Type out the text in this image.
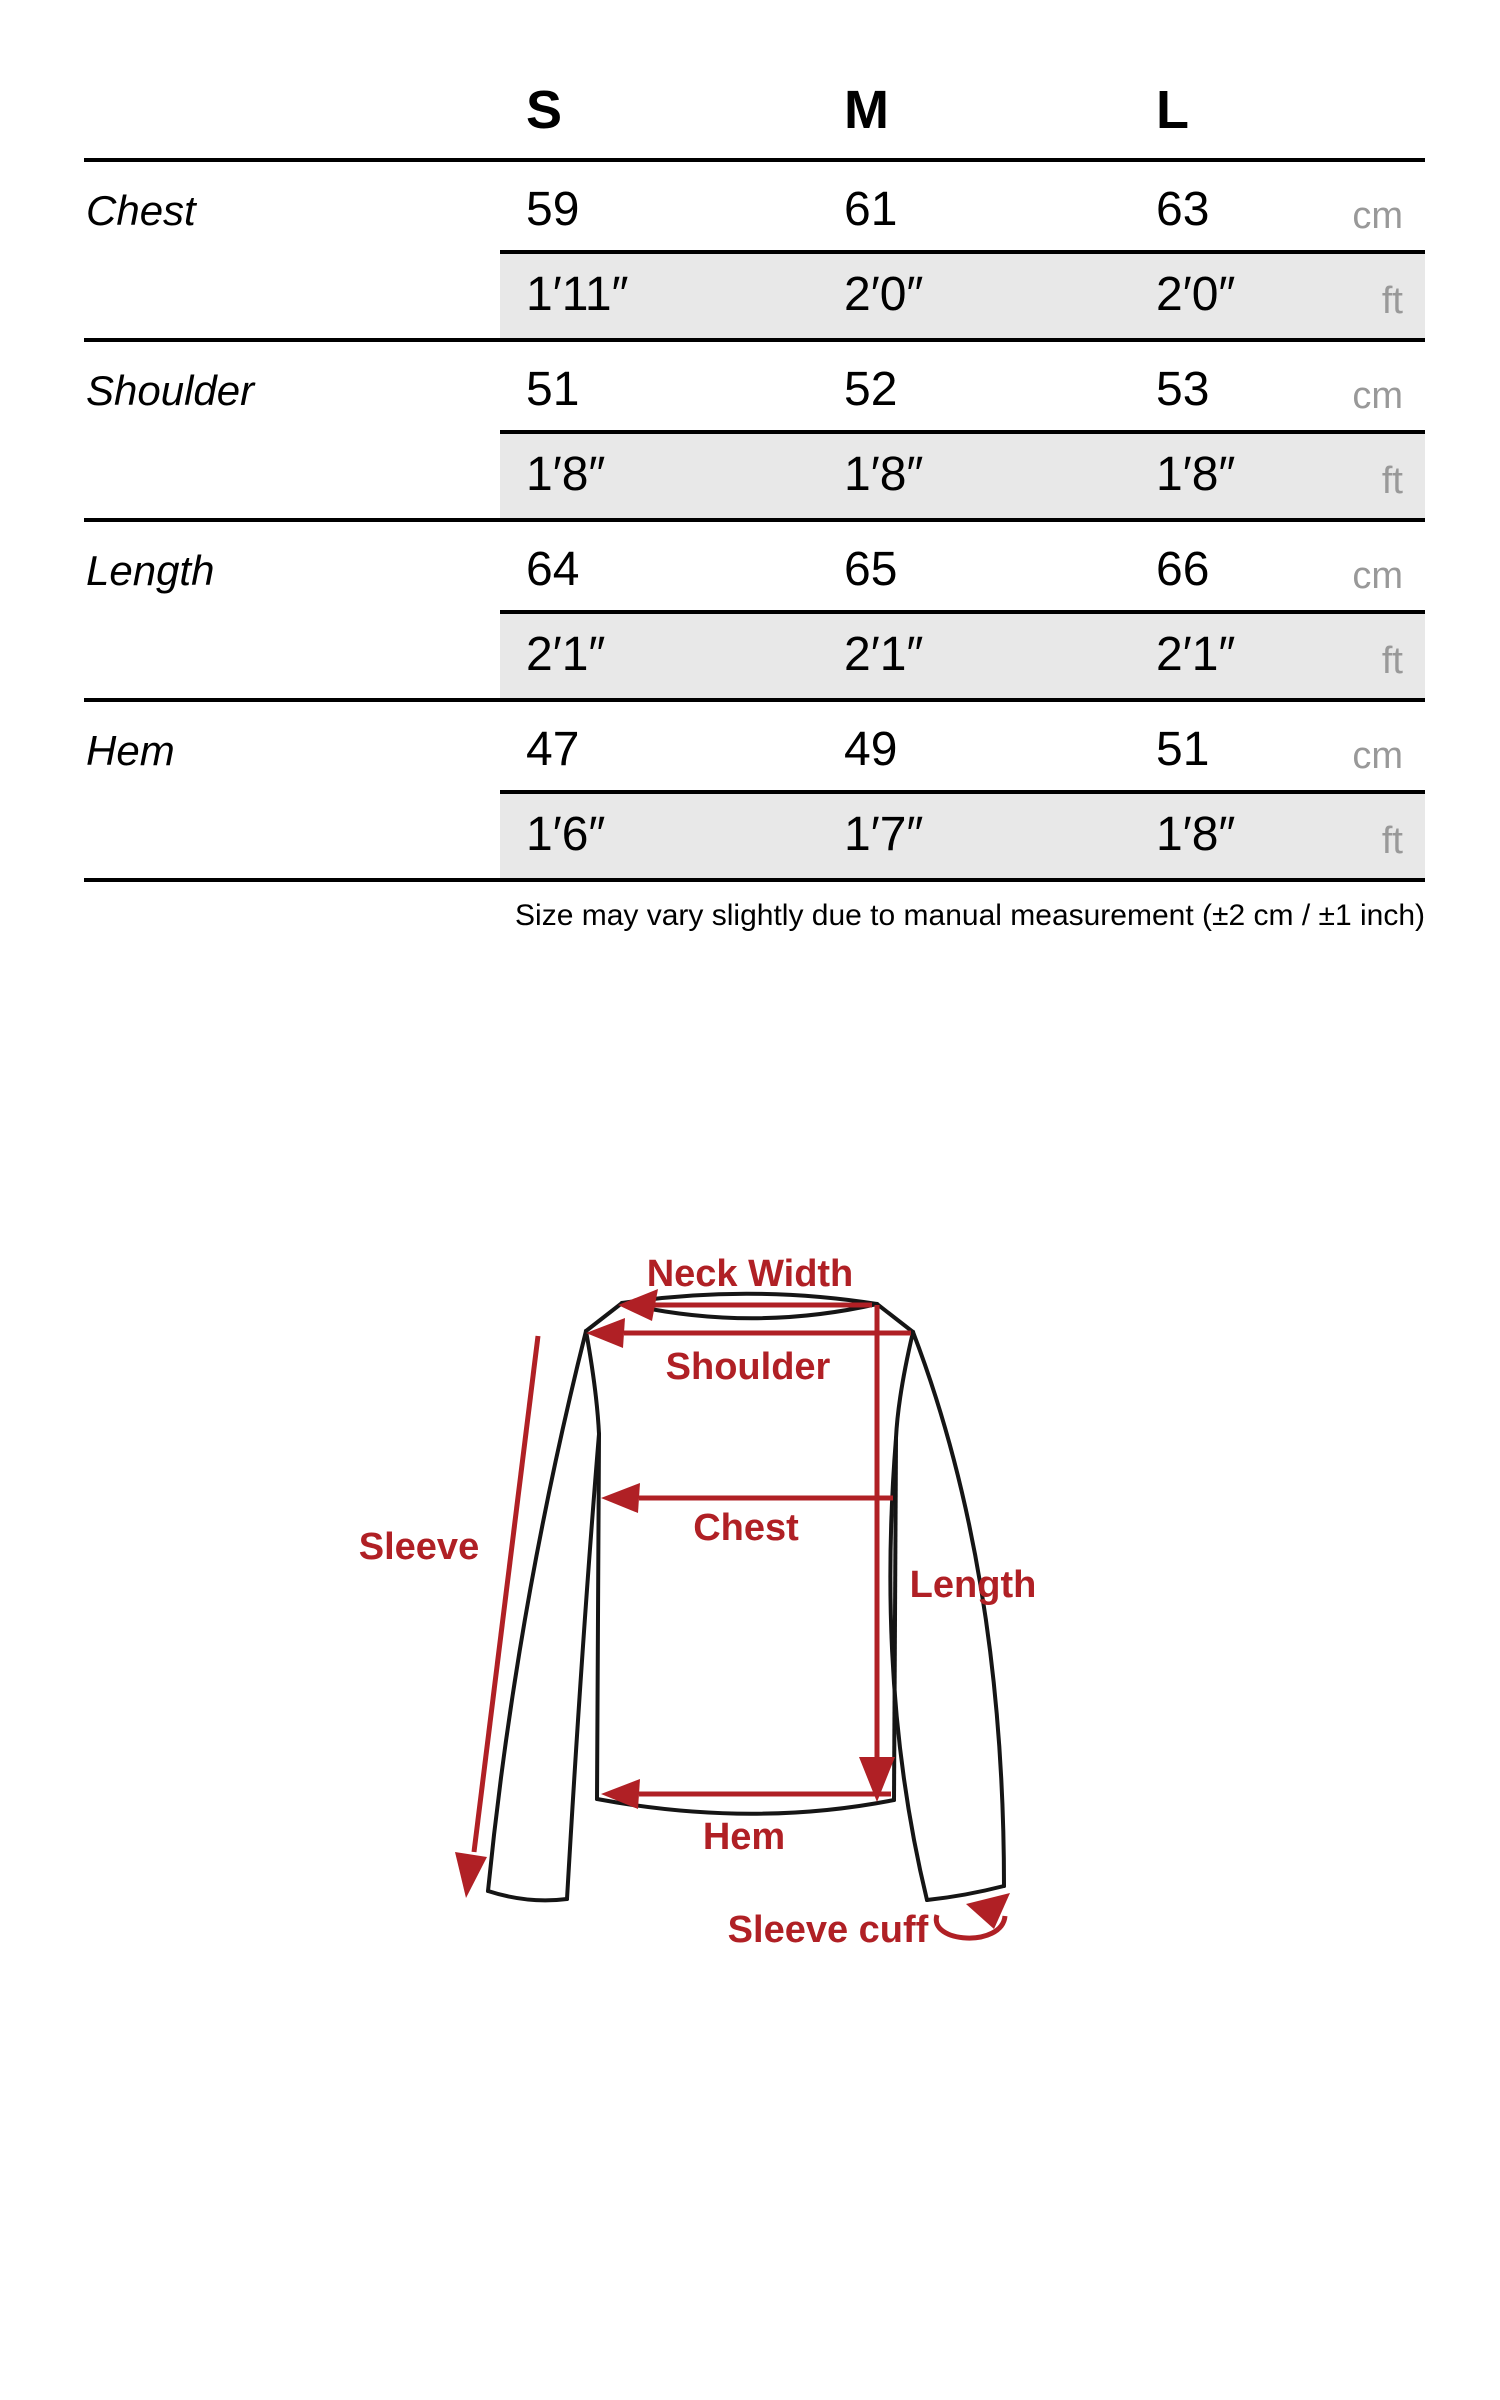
S	M	L
Chest	59	61	63	cm
1′11″	2′0″	2′0″	ft
Shoulder	51	52	53	cm
1′8″	1′8″	1′8″	ft
Length	64	65	66	cm
2′1″	2′1″	2′1″	ft
Hem	47	49	51	cm
1′6″	1′7″	1′8″	ft
Size may vary slightly due to manual measurement (±2 cm / ±1 inch)
Neck Width
Shoulder
Chest
Length
Sleeve
Hem
Sleeve cuff
